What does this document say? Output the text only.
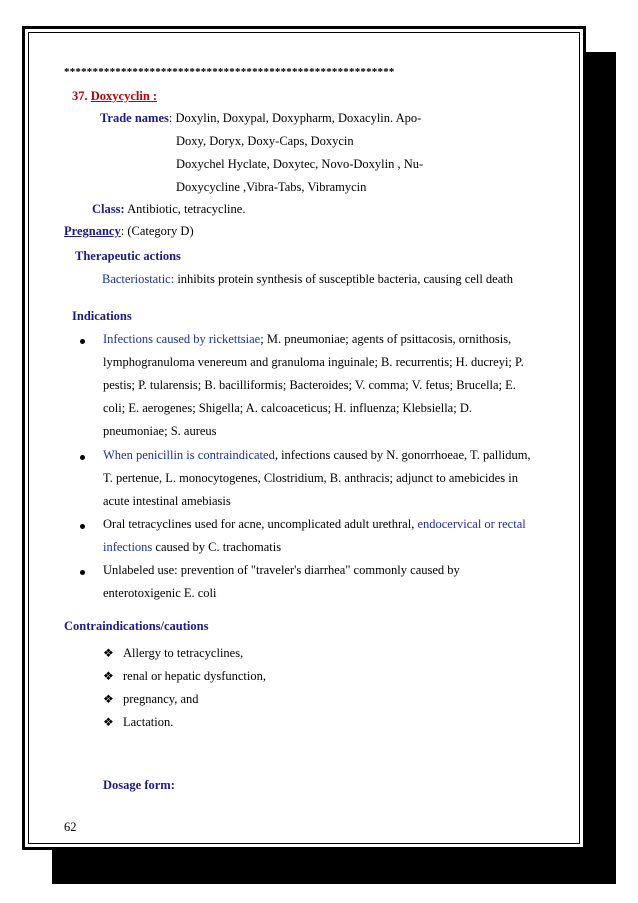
**********************************************************
37. Doxycyclin :
Trade names: Doxylin, Doxypal, Doxypharm, Doxacylin. Apo-
Doxy, Doryx, Doxy-Caps, Doxycin
Doxychel Hyclate, Doxytec, Novo-Doxylin , Nu-
Doxycycline ,Vibra-Tabs, Vibramycin
Class: Antibiotic, tetracycline.
Pregnancy: (Category D)
Therapeutic actions
Bacteriostatic: inhibits protein synthesis of susceptible bacteria, causing cell death
Indications
Infections caused by rickettsiae; M. pneumoniae; agents of psittacosis, ornithosis,
lymphogranuloma venereum and granuloma inguinale; B. recurrentis; H. ducreyi; P.
pestis; P. tularensis; B. bacilliformis; Bacteroides; V. comma; V. fetus; Brucella; E.
coli; E. aerogenes; Shigella; A. calcoaceticus; H. influenza; Klebsiella; D.
pneumoniae; S. aureus
When penicillin is contraindicated, infections caused by N. gonorrhoeae, T. pallidum,
T. pertenue, L. monocytogenes, Clostridium, B. anthracis; adjunct to amebicides in
acute intestinal amebiasis
Oral tetracyclines used for acne, uncomplicated adult urethral, endocervical or rectal
infections caused by C. trachomatis
Unlabeled use: prevention of "traveler's diarrhea" commonly caused by
enterotoxigenic E. coli
Contraindications/cautions
❖ Allergy to tetracyclines,
❖ renal or hepatic dysfunction,
❖ pregnancy, and
❖ Lactation.
Dosage form:
62
